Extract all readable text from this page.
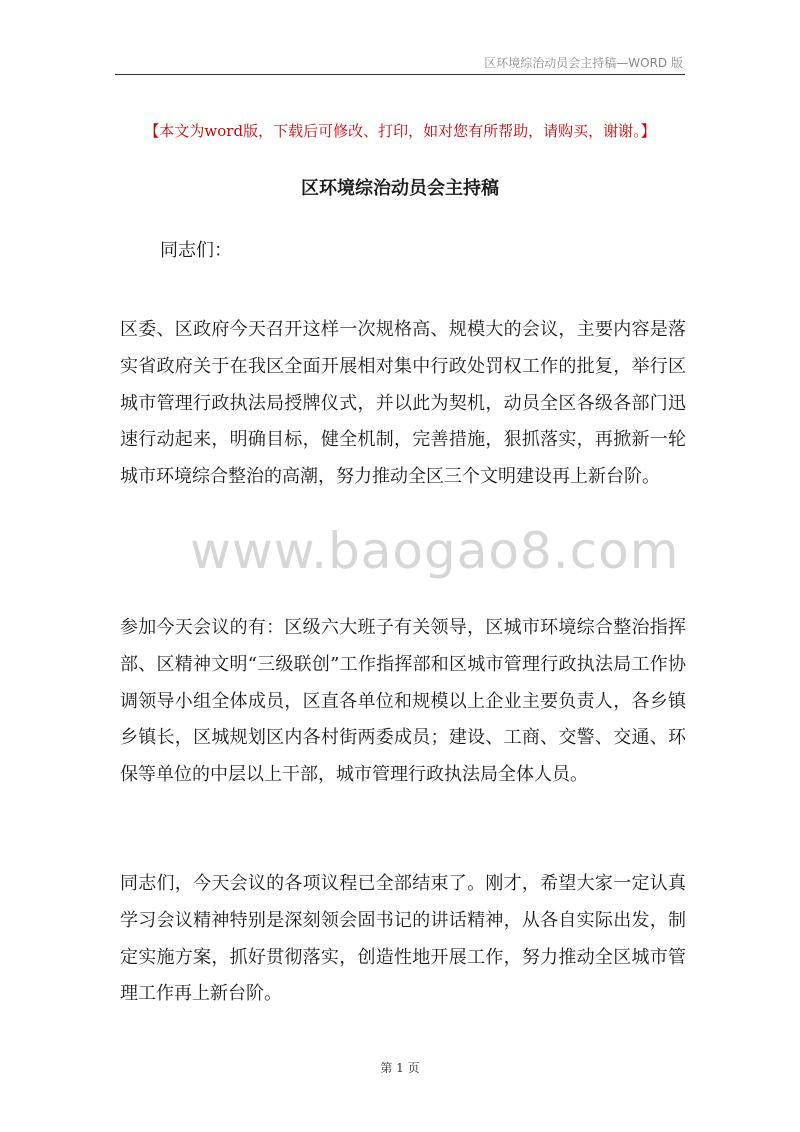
区环境综治动员会主持稿—WORD 版
【本文为word版，下载后可修改、打印，如对您有所帮助，请购买，谢谢。】
区环境综治动员会主持稿
同志们：

区委、区政府今天召开这样一次规格高、规模大的会议，主要内容是落实省政府关于在我区全面开展相对集中行政处罚权工作的批复，举行区城市管理行政执法局授牌仪式，并以此为契机，动员全区各级各部门迅速行动起来，明确目标，健全机制，完善措施，狠抓落实，再掀新一轮城市环境综合整治的高潮，努力推动全区三个文明建设再上新台阶。

www.baogao8.com

参加今天会议的有：区级六大班子有关领导，区城市环境综合整治指挥部、区精神文明“三级联创”工作指挥部和区城市管理行政执法局工作协调领导小组全体成员，区直各单位和规模以上企业主要负责人，各乡镇乡镇长，区城规划区内各村街两委成员；建设、工商、交警、交通、环保等单位的中层以上干部，城市管理行政执法局全体人员。

同志们，今天会议的各项议程已全部结束了。刚才，希望大家一定认真学习会议精神特别是深刻领会固书记的讲话精神，从各自实际出发，制定实施方案，抓好贯彻落实，创造性地开展工作，努力推动全区城市管理工作再上新台阶。

第 1 页
